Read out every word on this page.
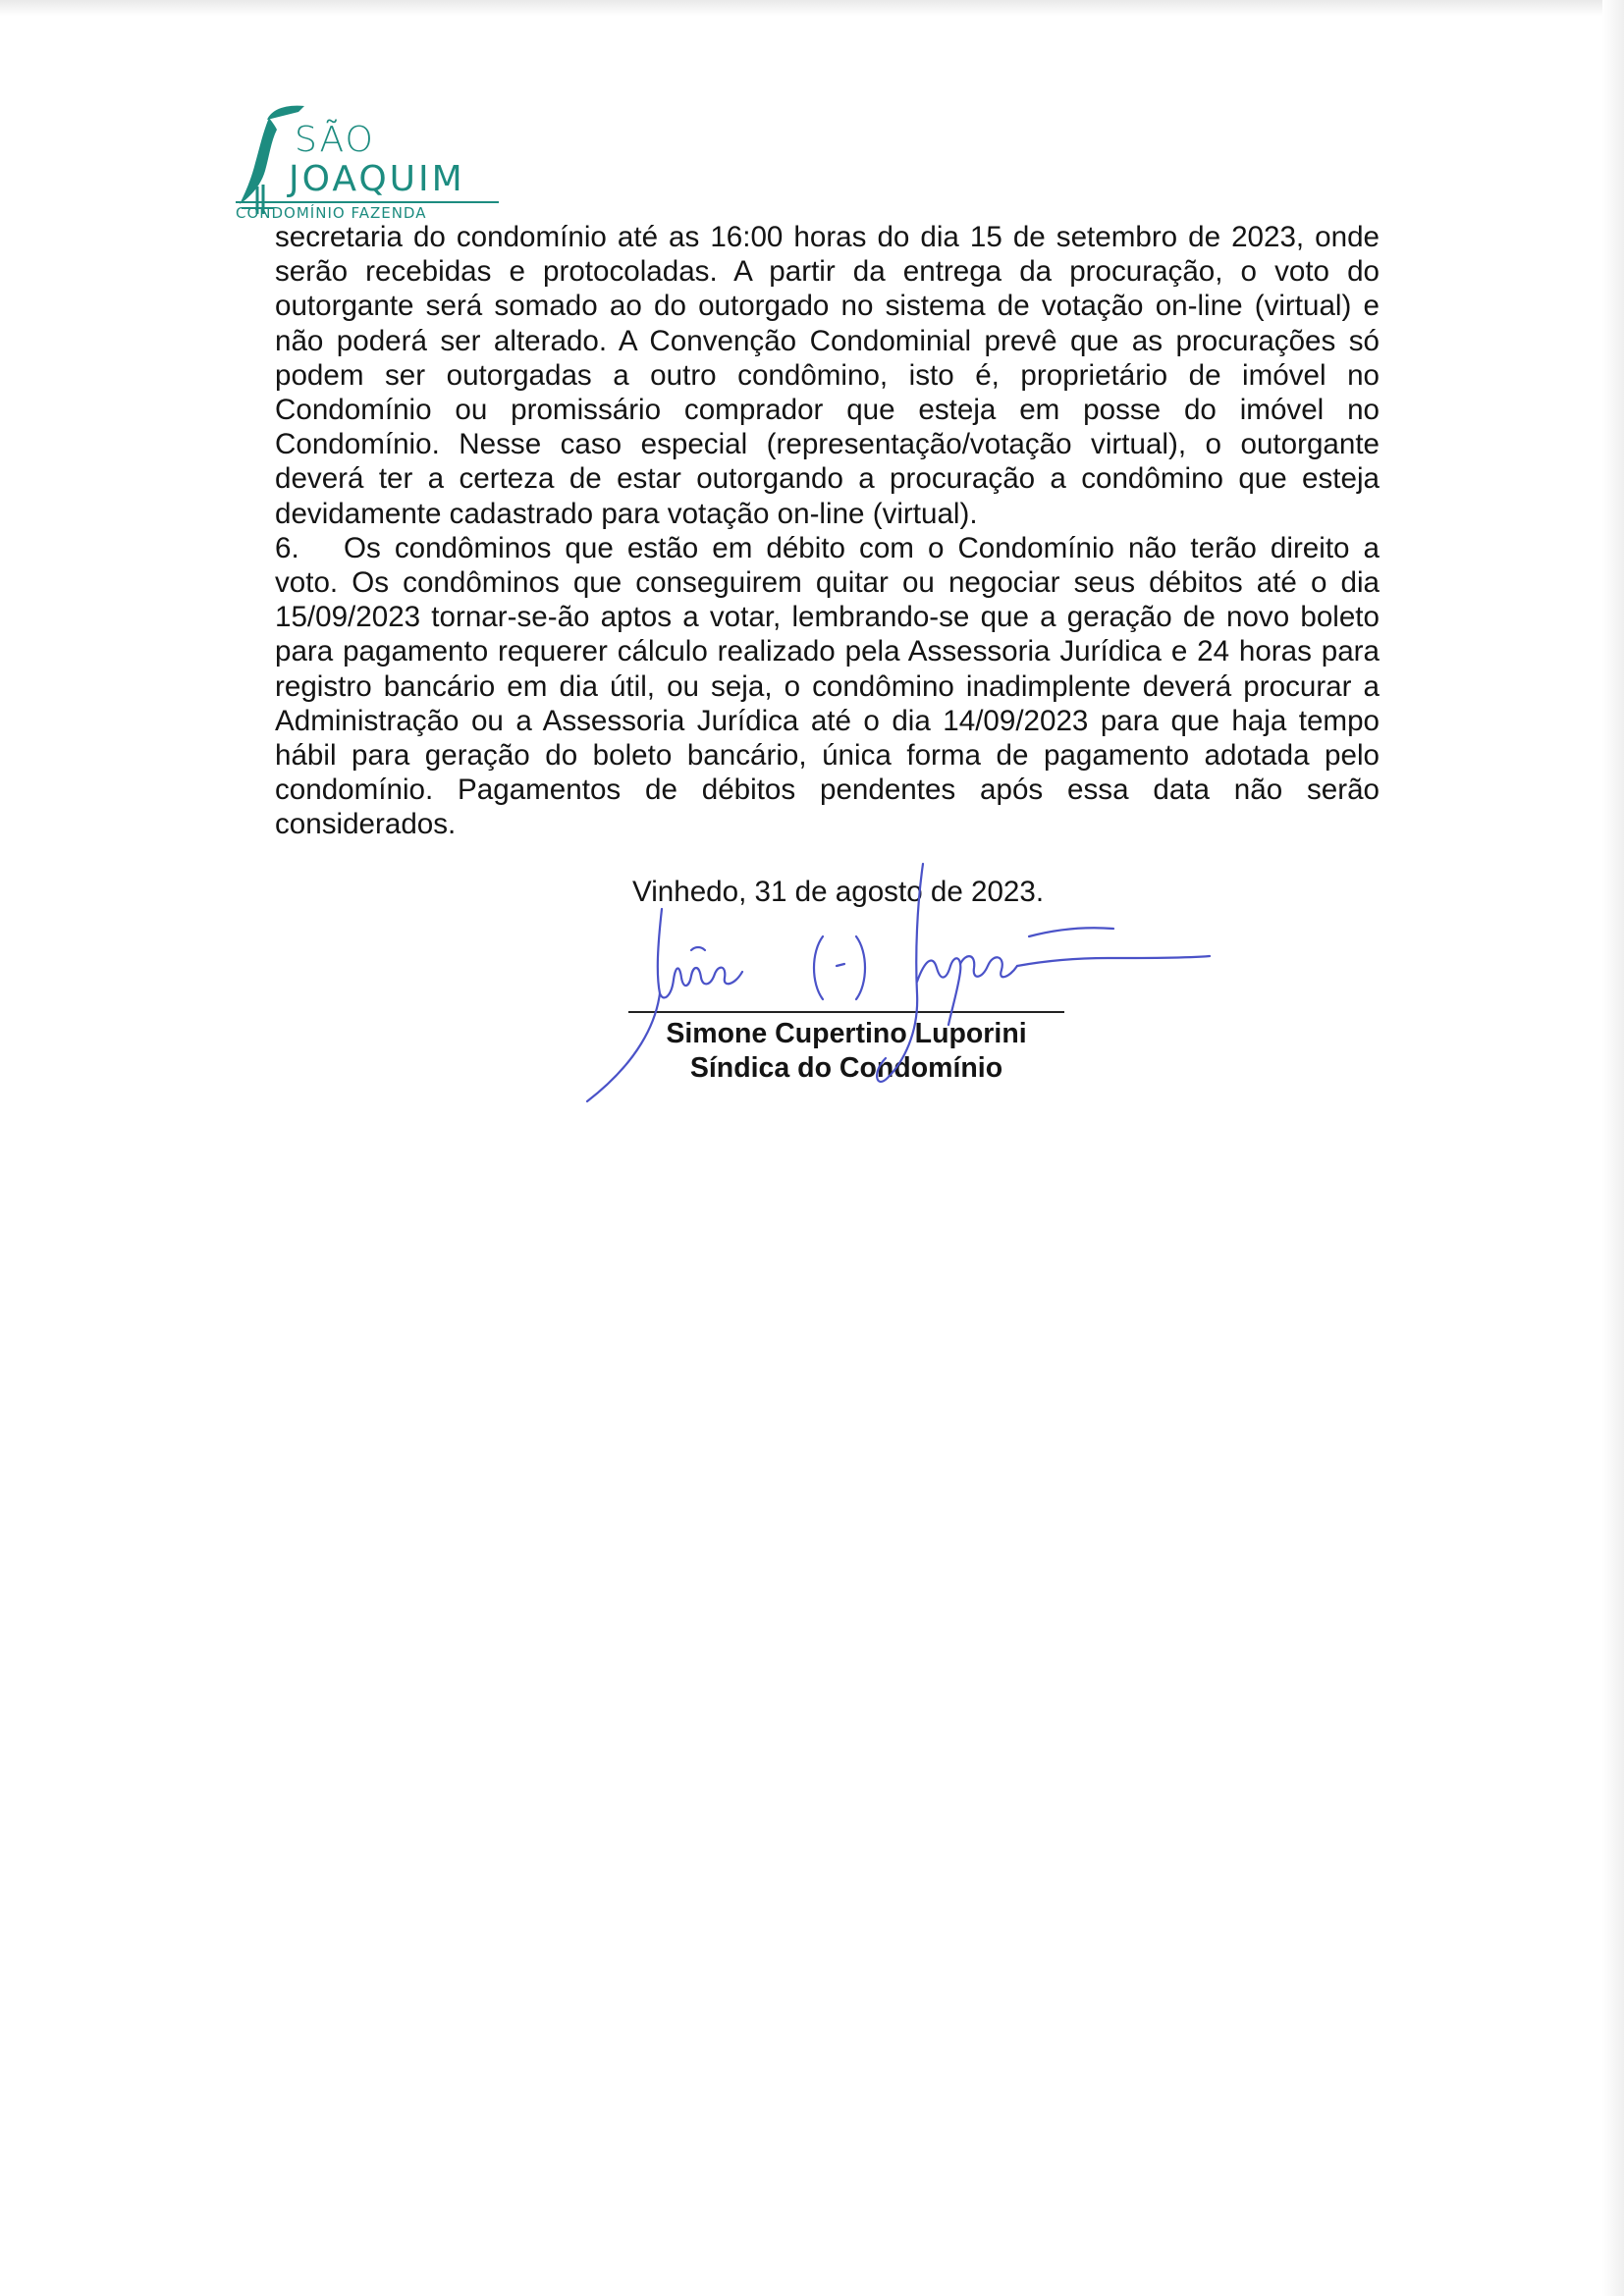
SÃO
JOAQUIM
CONDOMÍNIO FAZENDA

secretaria do condomínio até as 16:00 horas do dia 15 de setembro de 2023, onde serão recebidas e protocoladas. A partir da entrega da procuração, o voto do outorgante será somado ao do outorgado no sistema de votação on-line (virtual) e não poderá ser alterado. A Convenção Condominial prevê que as procurações só podem ser outorgadas a outro condômino, isto é, proprietário de imóvel no Condomínio ou promissário comprador que esteja em posse do imóvel no Condomínio. Nesse caso especial (representação/votação virtual), o outorgante deverá ter a certeza de estar outorgando a procuração a condômino que esteja devidamente cadastrado para votação on-line (virtual).

6. Os condôminos que estão em débito com o Condomínio não terão direito a voto. Os condôminos que conseguirem quitar ou negociar seus débitos até o dia 15/09/2023 tornar-se-ão aptos a votar, lembrando-se que a geração de novo boleto para pagamento requerer cálculo realizado pela Assessoria Jurídica e 24 horas para registro bancário em dia útil, ou seja, o condômino inadimplente deverá procurar a Administração ou a Assessoria Jurídica até o dia 14/09/2023 para que haja tempo hábil para geração do boleto bancário, única forma de pagamento adotada pelo condomínio. Pagamentos de débitos pendentes após essa data não serão considerados.

Vinhedo, 31 de agosto de 2023.
Simone Cupertino Luporini
Síndica do Condomínio
